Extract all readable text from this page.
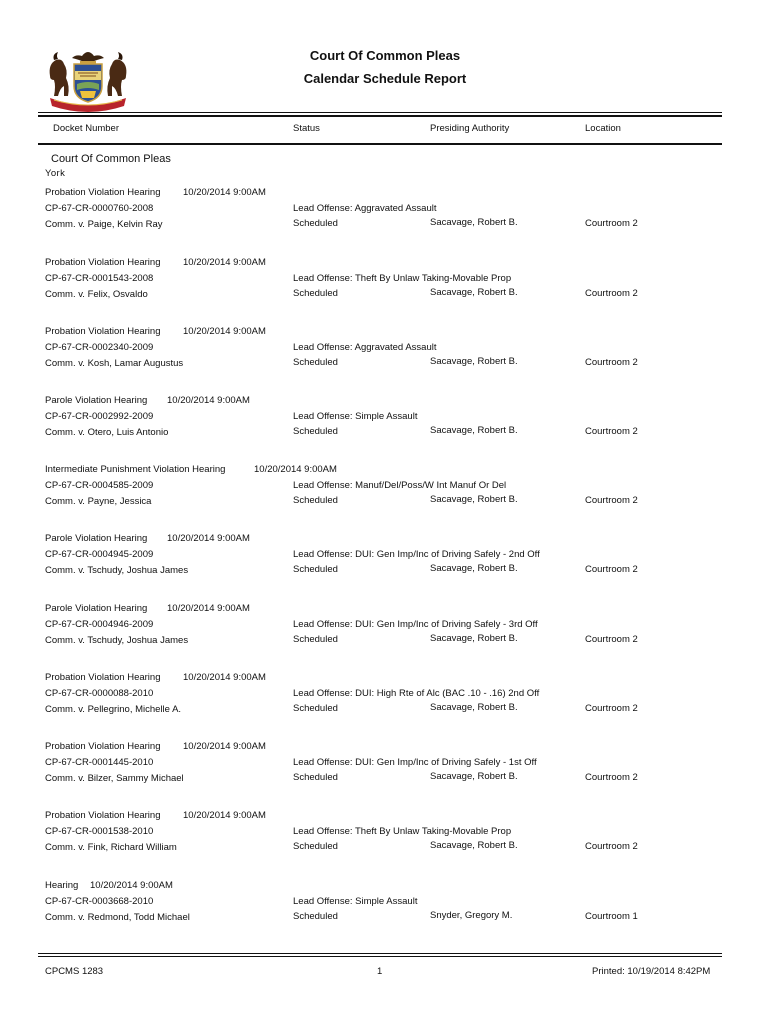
Court Of Common Pleas
Calendar Schedule Report
Docket Number	Status	Presiding Authority	Location
Court Of Common Pleas
York
Probation Violation Hearing 10/20/2014 9:00AM
CP-67-CR-0000760-2008
Comm. v. Paige, Kelvin Ray
Lead Offense: Aggravated Assault
Scheduled	Sacavage, Robert B.	Courtroom 2
Probation Violation Hearing 10/20/2014 9:00AM
CP-67-CR-0001543-2008
Comm. v. Felix, Osvaldo
Lead Offense: Theft By Unlaw Taking-Movable Prop
Scheduled	Sacavage, Robert B.	Courtroom 2
Probation Violation Hearing 10/20/2014 9:00AM
CP-67-CR-0002340-2009
Comm. v. Kosh, Lamar Augustus
Lead Offense: Aggravated Assault
Scheduled	Sacavage, Robert B.	Courtroom 2
Parole Violation Hearing 10/20/2014 9:00AM
CP-67-CR-0002992-2009
Comm. v. Otero, Luis Antonio
Lead Offense: Simple Assault
Scheduled	Sacavage, Robert B.	Courtroom 2
Intermediate Punishment Violation Hearing	10/20/2014 9:00AM
CP-67-CR-0004585-2009
Comm. v. Payne, Jessica
Lead Offense: Manuf/Del/Poss/W Int Manuf Or Del
Scheduled	Sacavage, Robert B.	Courtroom 2
Parole Violation Hearing 10/20/2014 9:00AM
CP-67-CR-0004945-2009
Comm. v. Tschudy, Joshua James
Lead Offense: DUI: Gen Imp/Inc of Driving Safely - 2nd Off
Scheduled	Sacavage, Robert B.	Courtroom 2
Parole Violation Hearing 10/20/2014 9:00AM
CP-67-CR-0004946-2009
Comm. v. Tschudy, Joshua James
Lead Offense: DUI: Gen Imp/Inc of Driving Safely - 3rd Off
Scheduled	Sacavage, Robert B.	Courtroom 2
Probation Violation Hearing 10/20/2014 9:00AM
CP-67-CR-0000088-2010
Comm. v. Pellegrino, Michelle A.
Lead Offense: DUI: High Rte of Alc (BAC .10 - .16) 2nd Off
Scheduled	Sacavage, Robert B.	Courtroom 2
Probation Violation Hearing 10/20/2014 9:00AM
CP-67-CR-0001445-2010
Comm. v. Bilzer, Sammy Michael
Lead Offense: DUI: Gen Imp/Inc of Driving Safely - 1st Off
Scheduled	Sacavage, Robert B.	Courtroom 2
Probation Violation Hearing 10/20/2014 9:00AM
CP-67-CR-0001538-2010
Comm. v. Fink, Richard William
Lead Offense: Theft By Unlaw Taking-Movable Prop
Scheduled	Sacavage, Robert B.	Courtroom 2
Hearing 10/20/2014 9:00AM
CP-67-CR-0003668-2010
Comm. v. Redmond, Todd Michael
Lead Offense: Simple Assault
Scheduled	Snyder, Gregory M.	Courtroom 1
CPCMS 1283	1	Printed: 10/19/2014 8:42PM
